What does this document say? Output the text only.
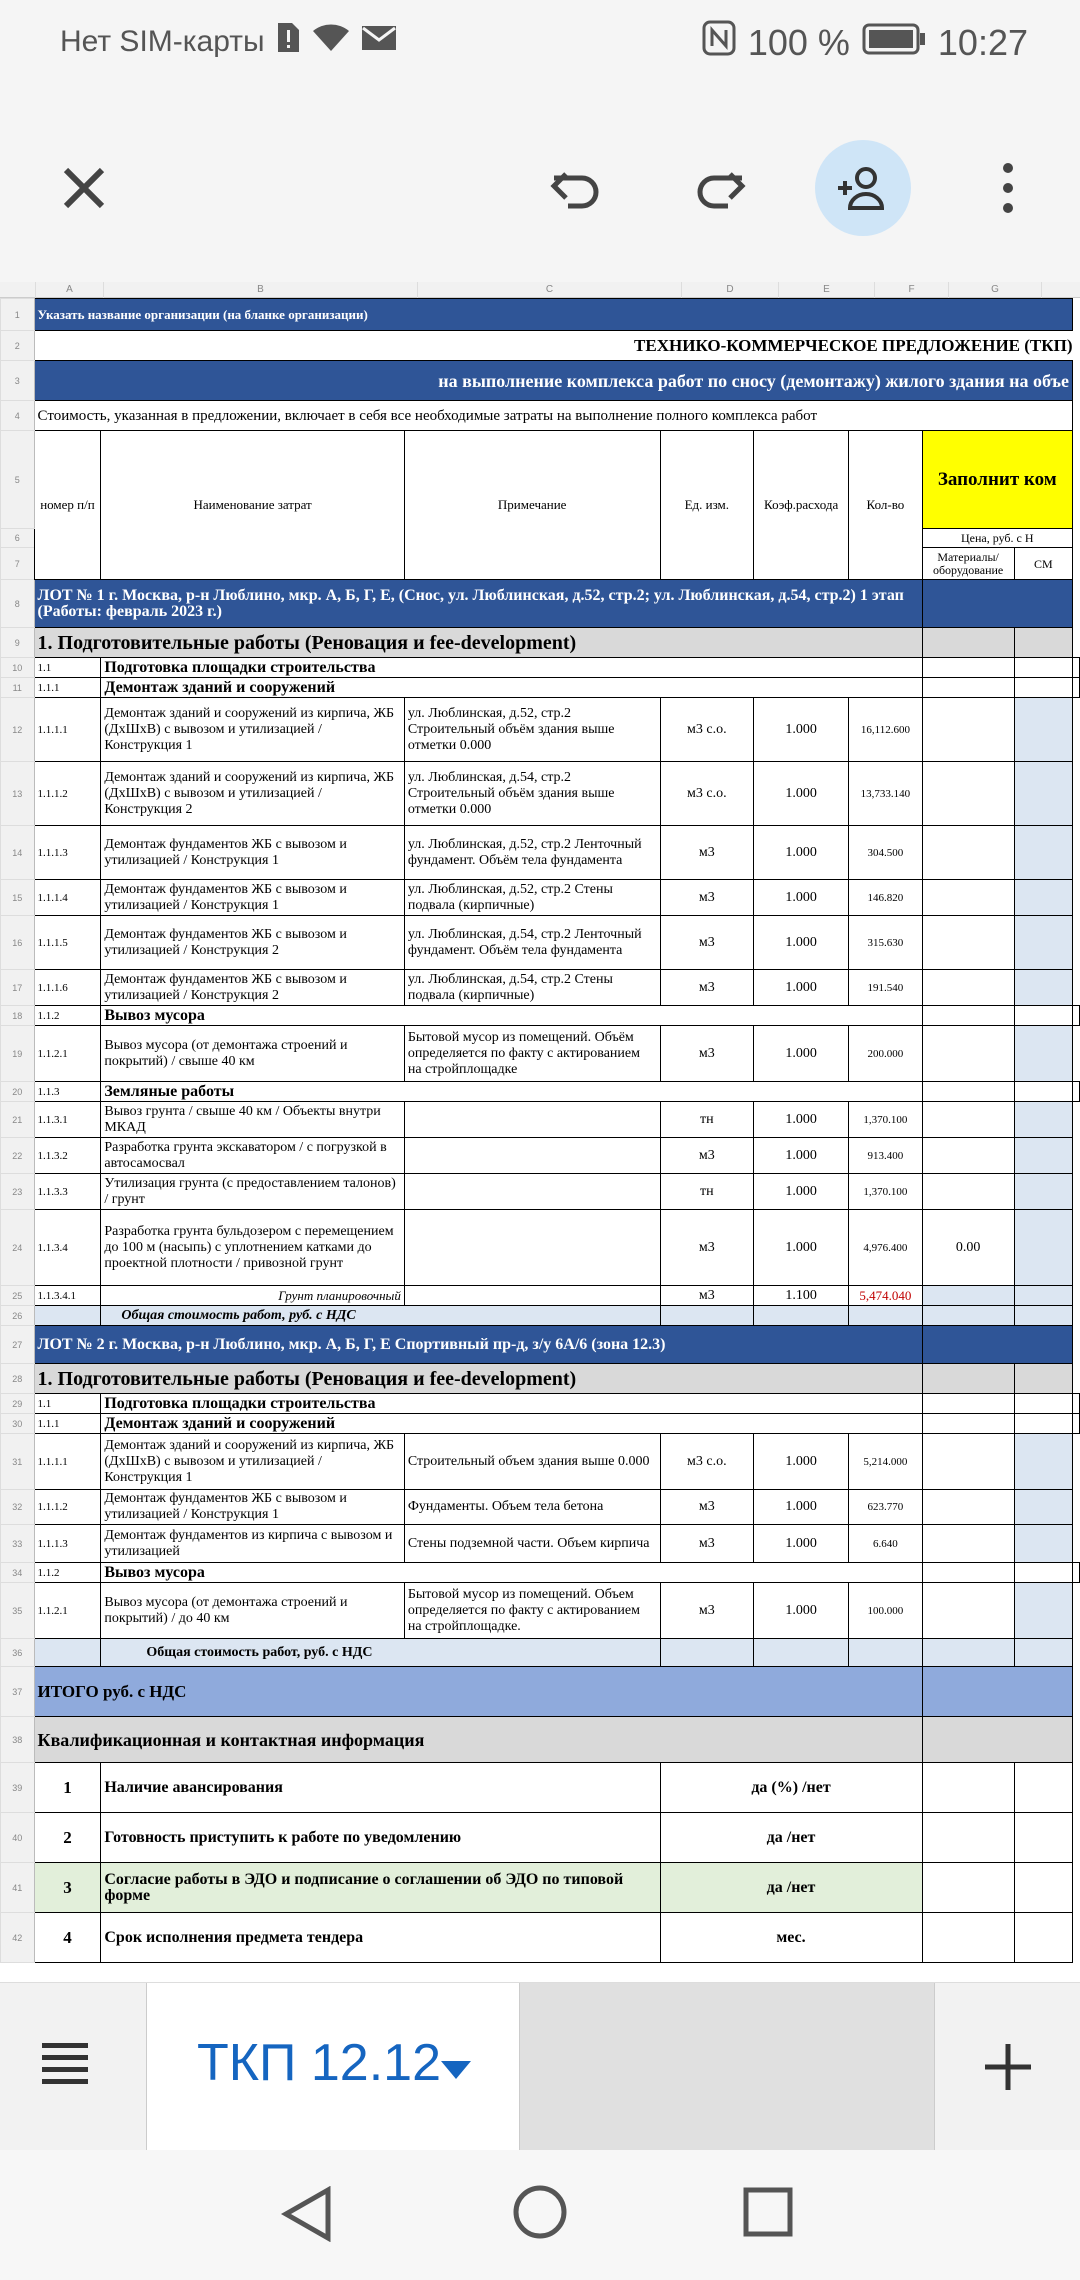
Нет SIM-карты	100 % 10:27
A	B	C	D	E	F	G
1	Указать название организации (на бланке организации)								
2	ТЕХНИКО-КОММЕРЧЕСКОЕ ПРЕДЛОЖЕНИЕ (ТКП)								
3	на выполнение комплекса работ по сносу (демонтажу) жилого здания на объе								
4	Стоимость, указанная в предложении, включает в себя все необходимые затраты на выполнение полного комплекса работ								
5	номер п/п	Наименование затрат	Примечание	Ед. изм.	Коэф.расхода	Кол-во	Заполнит ком		
6							Цена, руб. с Н		
7							Материалы/ оборудование	СМ	
8	ЛОТ № 1 г. Москва, р-н Люблино, мкр. А, Б, Г, Е, (Снос, ул. Люблинская, д.52, стр.2; ул. Люблинская, д.54, стр.2) 1 этап (Работы: февраль 2023 г.)								
9	1. Подготовительные работы (Реновация и fee-development)								
10	1.1	Подготовка площадки строительства							
11	1.1.1	Демонтаж зданий и сооружений							
12	1.1.1.1	Демонтаж зданий и сооружений из кирпича, ЖБ (ДхШхВ) с вывозом и утилизацией / Конструкция 1	ул. Люблинская, д.52, стр.2 Строительный объём здания выше отметки 0.000	м3 с.о.	1.000	16,112.600			
13	1.1.1.2	Демонтаж зданий и сооружений из кирпича, ЖБ (ДхШхВ) с вывозом и утилизацией / Конструкция 2	ул. Люблинская, д.54, стр.2 Строительный объём здания выше отметки 0.000	м3 с.о.	1.000	13,733.140			
14	1.1.1.3	Демонтаж фундаментов ЖБ с вывозом и утилизацией / Конструкция 1	ул. Люблинская, д.52, стр.2 Ленточный фундамент. Объём тела фундамента	м3	1.000	304.500			
15	1.1.1.4	Демонтаж фундаментов ЖБ с вывозом и утилизацией / Конструкция 1	ул. Люблинская, д.52, стр.2 Стены подвала (кирпичные)	м3	1.000	146.820			
16	1.1.1.5	Демонтаж фундаментов ЖБ с вывозом и утилизацией / Конструкция 2	ул. Люблинская, д.54, стр.2 Ленточный фундамент. Объём тела фундамента	м3	1.000	315.630			
17	1.1.1.6	Демонтаж фундаментов ЖБ с вывозом и утилизацией / Конструкция 2	ул. Люблинская, д.54, стр.2 Стены подвала (кирпичные)	м3	1.000	191.540			
18	1.1.2	Вывоз мусора							
19	1.1.2.1	Вывоз мусора (от демонтажа строений и покрытий) / свыше 40 км	Бытовой мусор из помещений. Объём определяется по факту с актированием на стройплощадке	м3	1.000	200.000			
20	1.1.3	Земляные работы							
21	1.1.3.1	Вывоз грунта / свыше 40 км / Объекты внутри МКАД		тн	1.000	1,370.100			
22	1.1.3.2	Разработка грунта экскаватором / с погрузкой в автосамосвал		м3	1.000	913.400			
23	1.1.3.3	Утилизация грунта (с предоставлением талонов) / грунт		тн	1.000	1,370.100			
24	1.1.3.4	Разработка грунта бульдозером с перемещением до 100 м (насыпь) с уплотнением катками до проектной плотности / привозной грунт		м3	1.000	4,976.400	0.00		
25	1.1.3.4.1	Грунт планировочный		м3	1.100	5,474.040			
26		Общая стоимость работ, руб. с НДС							
27	ЛОТ № 2 г. Москва, р-н Люблино, мкр. А, Б, Г, Е Спортивный пр-д, з/у 6А/6 (зона 12.3)								
28	1. Подготовительные работы (Реновация и fee-development)								
29	1.1	Подготовка площадки строительства							
30	1.1.1	Демонтаж зданий и сооружений							
31	1.1.1.1	Демонтаж зданий и сооружений из кирпича, ЖБ (ДхШхВ) с вывозом и утилизацией / Конструкция 1	Строительный объем здания выше 0.000	м3 с.о.	1.000	5,214.000			
32	1.1.1.2	Демонтаж фундаментов ЖБ с вывозом и утилизацией / Конструкция 1	Фундаменты. Объем тела бетона	м3	1.000	623.770			
33	1.1.1.3	Демонтаж фундаментов из кирпича с вывозом и утилизацией	Стены подземной части. Объем кирпича	м3	1.000	6.640			
34	1.1.2	Вывоз мусора							
35	1.1.2.1	Вывоз мусора (от демонтажа строений и покрытий) / до 40 км	Бытовой мусор из помещений. Объем определяется по факту с актированием на стройплощадке.	м3	1.000	100.000			
36		Общая стоимость работ, руб. с НДС							
37	ИТОГО руб. с НДС								
38	Квалификационная и контактная информация								
39	1	Наличие авансирования		да (%) /нет					
40	2	Готовность приступить к работе по уведомлению		да /нет					
41	3	Согласие работы в ЭДО и подписание о соглашении об ЭДО по типовой форме		да /нет					
42	4	Срок исполнения предмета тендера		мес.					
ТКП 12.12
